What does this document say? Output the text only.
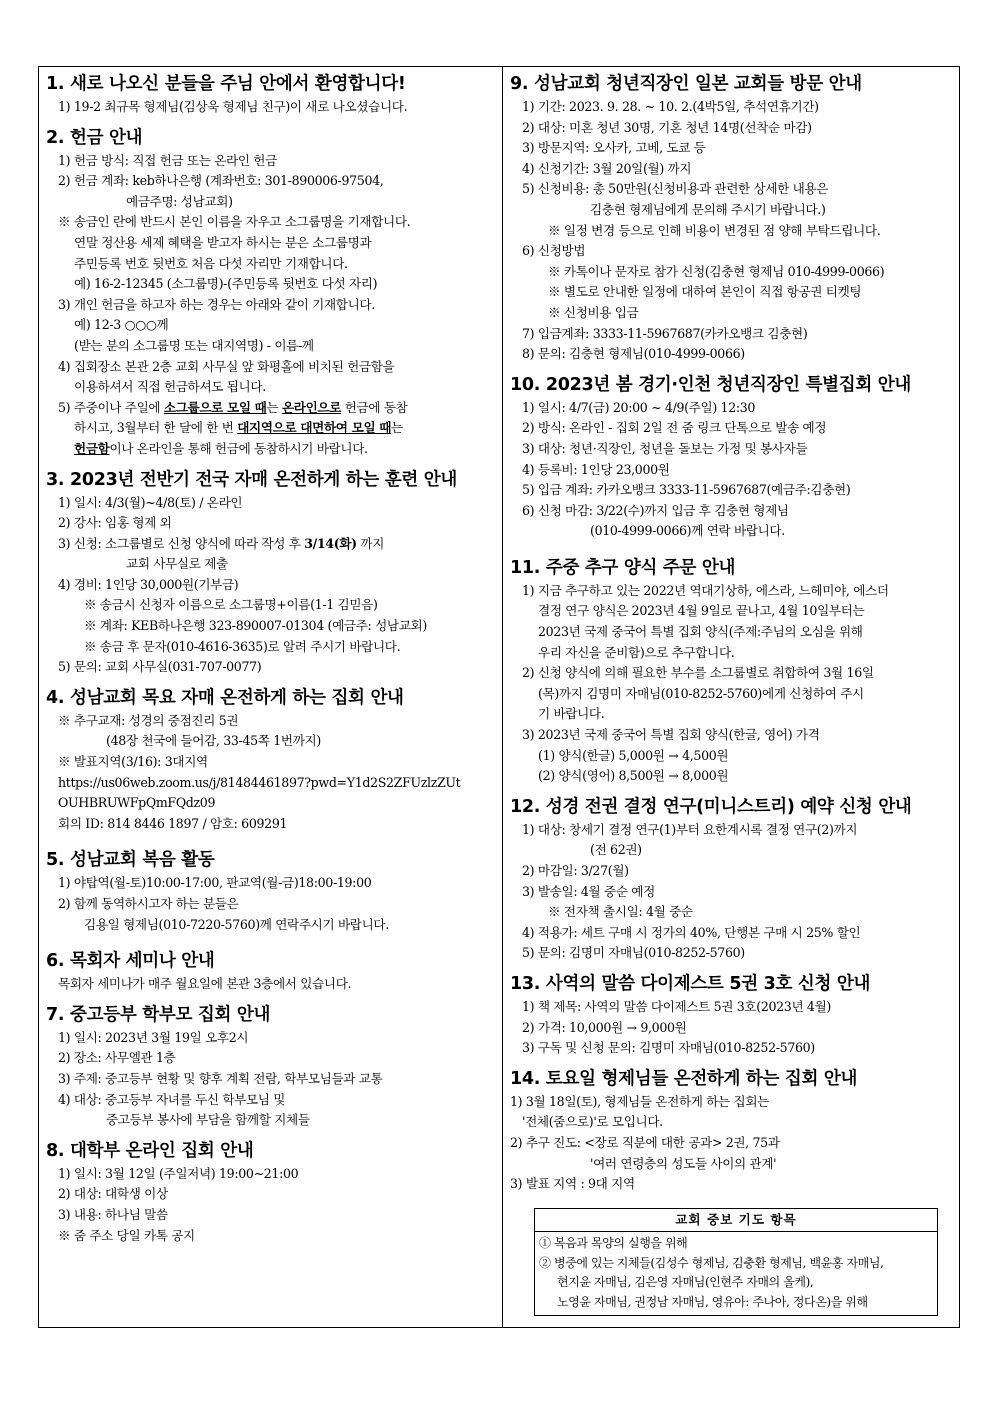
1. 새로 나오신 분들을 주님 안에서 환영합니다!
1) 19-2 최규목 형제님(김상욱 형제님 친구)이 새로 나오셨습니다.
2. 헌금 안내
1) 헌금 방식: 직접 헌금 또는 온라인 헌금
2) 헌금 계좌: keb하나은행 (계좌번호: 301-890006-97504,
예금주명: 성남교회)
※ 송금인 란에 반드시 본인 이름을 자우고 소그룹명을 기재합니다.
연말 정산용 세제 혜택을 받고자 하시는 분은 소그룹명과
주민등록 번호 뒷번호 처음 다섯 자리만 기재합니다.
예) 16-2-12345 (소그룹명)-(주민등록 뒷번호 다섯 자리)
3) 개인 헌금을 하고자 하는 경우는 아래와 같이 기재합니다.
예) 12-3 ○○○께
(받는 분의 소그룹명 또는 대지역명) - 이름-께
4) 집회장소 본관 2층 교회 사무실 앞 화평홀에 비치된 헌금함을
이용하셔서 직접 헌금하셔도 됩니다.
5) 주중이나 주일에 소그룹으로 모일 때는 온라인으로 헌금에 동참
하시고, 3월부터 한 달에 한 번 대지역으로 대면하여 모일 때는
헌금함이나 온라인을 통해 헌금에 동참하시기 바랍니다.
3. 2023년 전반기 전국 자매 온전하게 하는 훈련 안내
1) 일시: 4/3(월)~4/8(토) / 온라인
2) 강사: 임홍 형제 외
3) 신청: 소그룹별로 신청 양식에 따라 작성 후 3/14(화) 까지
교회 사무실로 제출
4) 경비: 1인당 30,000원(기부금)
※ 송금시 신청자 이름으로 소그룹명+이름(1-1 김믿음)
※ 계좌: KEB하나은행 323-890007-01304 (예금주: 성남교회)
※ 송금 후 문자(010-4616-3635)로 알려 주시기 바랍니다.
5) 문의: 교회 사무실(031-707-0077)
4. 성남교회 목요 자매 온전하게 하는 집회 안내
※ 추구교재: 성경의 중점진리 5권
(48장 천국에 들어감, 33-45쪽 1번까지)
※ 발표지역(3/16): 3대지역
https://us06web.zoom.us/j/81484461897?pwd=Y1d2S2ZFUzlzZUt
OUHBRUWFpQmFQdz09
회의 ID: 814 8446 1897 / 암호: 609291
5. 성남교회 복음 활동
1) 야탑역(월-토)10:00-17:00, 판교역(월-금)18:00-19:00
2) 함께 동역하시고자 하는 분들은
김용일 형제님(010-7220-5760)께 연락주시기 바랍니다.
6. 목회자 세미나 안내
목회자 세미나가 매주 월요일에 본관 3층에서 있습니다.
7. 중고등부 학부모 집회 안내
1) 일시: 2023년 3월 19일 오후2시
2) 장소: 사무엘관 1층
3) 주제: 중고등부 현황 및 향후 계획 전람, 학부모님들과 교통
4) 대상: 중고등부 자녀를 두신 학부모님 및
중고등부 봉사에 부담을 함께할 지체들
8. 대학부 온라인 집회 안내
1) 일시: 3월 12일 (주일저녁) 19:00~21:00
2) 대상: 대학생 이상
3) 내용: 하나님 말씀
※ 줌 주소 당일 카톡 공지
9. 성남교회 청년직장인 일본 교회들 방문 안내
1) 기간: 2023. 9. 28. ~ 10. 2.(4박5일, 추석연휴기간)
2) 대상: 미혼 청년 30명, 기혼 청년 14명(선착순 마감)
3) 방문지역: 오사카, 고베, 도쿄 등
4) 신청기간: 3월 20일(월) 까지
5) 신청비용: 총 50만원(신청비용과 관련한 상세한 내용은
김충현 형제님에게 문의해 주시기 바랍니다.)
※ 일정 변경 등으로 인해 비용이 변경된 점 양해 부탁드립니다.
6) 신청방법
※ 카톡이나 문자로 참가 신청(김충현 형제님 010-4999-0066)
※ 별도로 안내한 일정에 대하여 본인이 직접 항공권 티켓팅
※ 신청비용 입금
7) 입금계좌: 3333-11-5967687(카카오뱅크 김충현)
8) 문의: 김충현 형제님(010-4999-0066)
10. 2023년 봄 경기·인천 청년직장인 특별집회 안내
1) 일시: 4/7(금) 20:00 ~ 4/9(주일) 12:30
2) 방식: 온라인 - 집회 2일 전 줌 링크 단톡으로 발송 예정
3) 대상: 청년·직장인, 청년을 돌보는 가정 및 봉사자들
4) 등록비: 1인당 23,000원
5) 입금 계좌: 카카오뱅크 3333-11-5967687(예금주:김충현)
6) 신청 마감: 3/22(수)까지 입금 후 김충현 형제님
(010-4999-0066)께 연락 바랍니다.
11. 주중 추구 양식 주문 안내
1) 지금 추구하고 있는 2022년 역대기상하, 에스라, 느헤미야, 에스더
결정 연구 양식은 2023년 4월 9일로 끝나고, 4월 10일부터는
2023년 국제 중국어 특별 집회 양식(주제:주님의 오심을 위해
우리 자신을 준비함)으로 추구합니다.
2) 신청 양식에 의해 필요한 부수를 소그룹별로 취합하여 3월 16일
(목)까지 김명미 자매님(010-8252-5760)에게 신청하여 주시
기 바랍니다.
3) 2023년 국제 중국어 특별 집회 양식(한글, 영어) 가격
(1) 양식(한글) 5,000원 → 4,500원
(2) 양식(영어) 8,500원 → 8,000원
12. 성경 전권 결정 연구(미니스트리) 예약 신청 안내
1) 대상: 창세기 결정 연구(1)부터 요한계시록 결정 연구(2)까지
(전 62권)
2) 마감일: 3/27(월)
3) 발송일: 4월 중순 예정
※ 전자책 출시일: 4월 중순
4) 적용가: 세트 구매 시 정가의 40%, 단행본 구매 시 25% 할인
5) 문의: 김명미 자매님(010-8252-5760)
13. 사역의 말씀 다이제스트 5권 3호 신청 안내
1) 책 제목: 사역의 말씀 다이제스트 5권 3호(2023년 4월)
2) 가격: 10,000원 → 9,000원
3) 구독 및 신청 문의: 김명미 자매님(010-8252-5760)
14. 토요일 형제님들 온전하게 하는 집회 안내
1) 3월 18일(토), 형제님들 온전하게 하는 집회는
'전체(줌으로)'로 모입니다.
2) 추구 진도: <장로 직분에 대한 공과> 2권, 75과
'여러 연령층의 성도들 사이의 관계'
3) 발표 지역 : 9대 지역
교회 중보 기도 항목
① 복음과 목양의 실행을 위해
② 병중에 있는 지체들(김성수 형제님, 김충환 형제님, 백윤홍 자매님,
현지윤 자매님, 김은영 자매님(인현주 자매의 올케),
노영윤 자매님, 권정남 자매님, 영유아: 주나아, 정다온)을 위해
